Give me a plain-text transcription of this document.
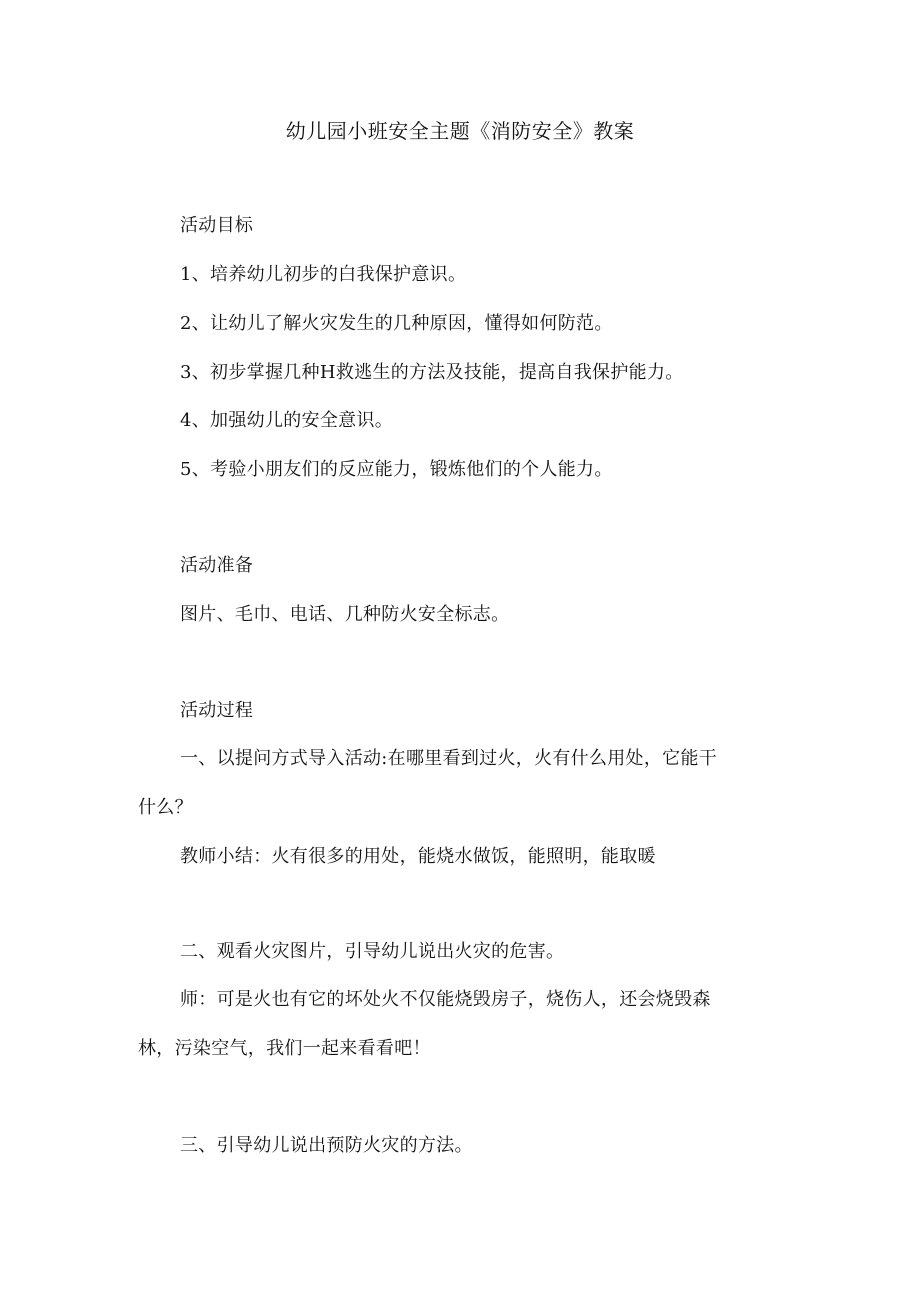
幼儿园小班安全主题《消防安全》教案
活动目标
1、培养幼儿初步的白我保护意识。
2、让幼儿了解火灾发生的几种原因，懂得如何防范。
3、初步掌握几种H救逃生的方法及技能，提高自我保护能力。
4、加强幼儿的安全意识。
5、考验小朋友们的反应能力，锻炼他们的个人能力。
活动准备
图片、毛巾、电话、几种防火安全标志。
活动过程
一、以提问方式导入活动:在哪里看到过火，火有什么用处，它能干
什么？
教师小结：火有很多的用处，能烧水做饭，能照明，能取暖
二、观看火灾图片，引导幼儿说出火灾的危害。
师：可是火也有它的坏处火不仅能烧毁房子，烧伤人，还会烧毁森
林，污染空气，我们一起来看看吧！
三、引导幼儿说出预防火灾的方法。
